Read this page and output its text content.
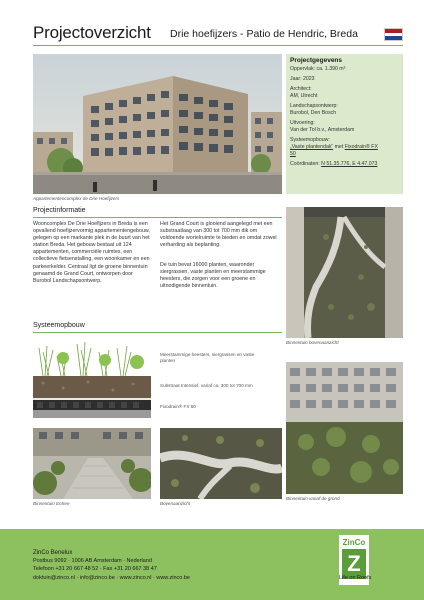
Projectoverzicht Drie hoefijzers - Patio de Hendric, Breda
Appartementencomplex de Drie Hoefijzers
Projectgegevens
Oppervlak: ca. 1.390 m²
Jaar: 2023
Architect:
AM, Utrecht
Landschapsontwerp:
Burobol, Den Bosch
Uitvoering:
Van der Tol b.v., Amsterdam
Systeemopbouw:
„Vaste plantendak“ met Fixodrain® FX
50
Coördinaten: N 51.35.776, E 4.47.073
Projectinformatie
Wooncomplex De Drie Hoefijzers in Breda is een opvallend hoefijzervormig appartementengebouw, gelegen op een markante plek in de buurt van het station Breda. Het gebouw bestaat uit 124 appartementen, commerciële ruimtes, een collectieve fietsenstalling, een woonkamer en een parkeerkelder. Centraal ligt de groene binnentuin genaamd de Grand Court, ontworpen door Burobol Landschapsontwerp.
Het Grand Court is glooiend aangelegd met een substraatlaag van 300 tot 700 mm dik om voldoende wortelruimte te bieden en omdat zowel verharding als beplanting.
De tuin bevat 16000 planten, waaronder siergrassen, vaste planten en meerstammige heesters, die zorgen voor een groene en uitnodigende binnentuin.
Binnentuin bovenaanzicht
Systeemopbouw
Meerstammige heesters, siergrassen en vaste planten
Substraat Intensief, variaf ca. 300 tot 700 mm
Fixodrain® FX 50
Binnentuin vanaf de grond
Binnentuin Entree	Bovenaanzicht
ZinCo Benelux
Postbus 9092 · 1006 AB Amsterdam · Nederland
Telefoon +31 20 667 48 52 · Fax +31 20 667 38 47
doktuin@zinco.nl · info@zinco.be · www.zinco.nl · www.zinco.be
ZinCo
Z
Life on Roofs
